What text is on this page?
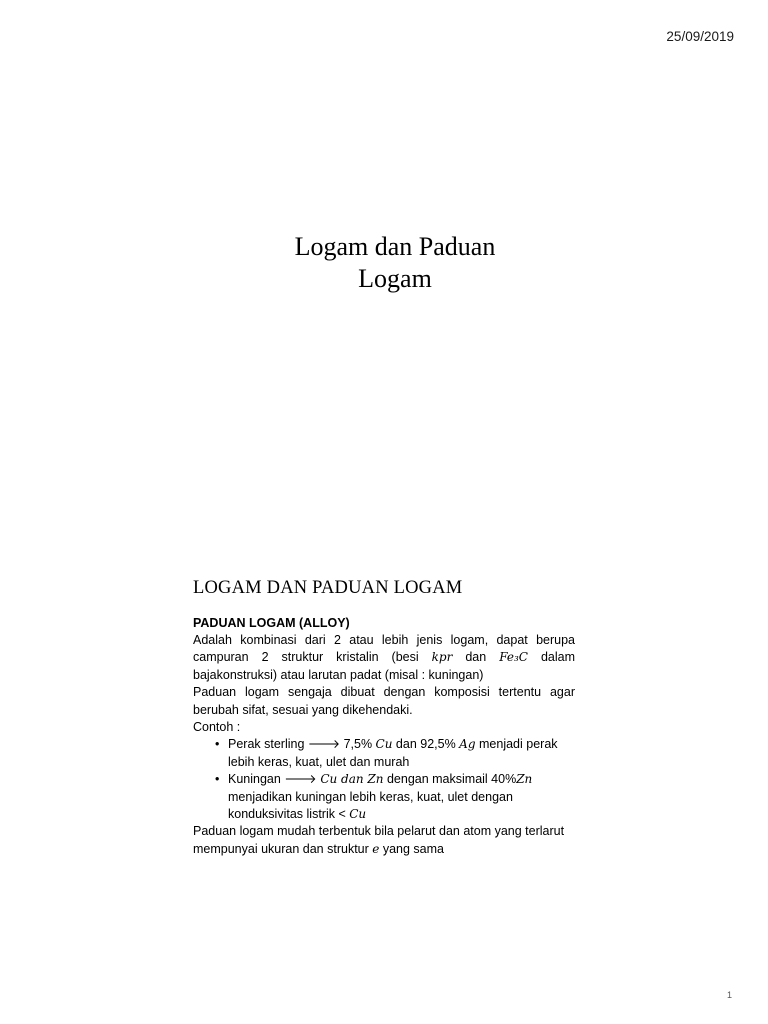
25/09/2019
Logam dan Paduan
Logam
LOGAM DAN PADUAN LOGAM
PADUAN LOGAM (ALLOY)

Adalah kombinasi dari 2 atau lebih jenis logam, dapat berupa campuran 2 struktur kristalin (besi kpr dan Fe₃C dalam bajakonstruksi) atau larutan padat (misal : kuningan)

Paduan logam sengaja dibuat dengan komposisi tertentu agar berubah sifat, sesuai yang dikehendaki.

Contoh :

• Perak sterling 🡒 7,5% Cu dan 92,5% Ag menjadi perak lebih keras, kuat, ulet dan murah
• Kuningan 🡒 Cu dan Zn dengan maksimail 40%Zn menjadikan kuningan lebih keras, kuat, ulet dengan konduksivitas listrik < Cu

Paduan logam mudah terbentuk bila pelarut dan atom yang terlarut mempunyai ukuran dan struktur e yang sama

1
